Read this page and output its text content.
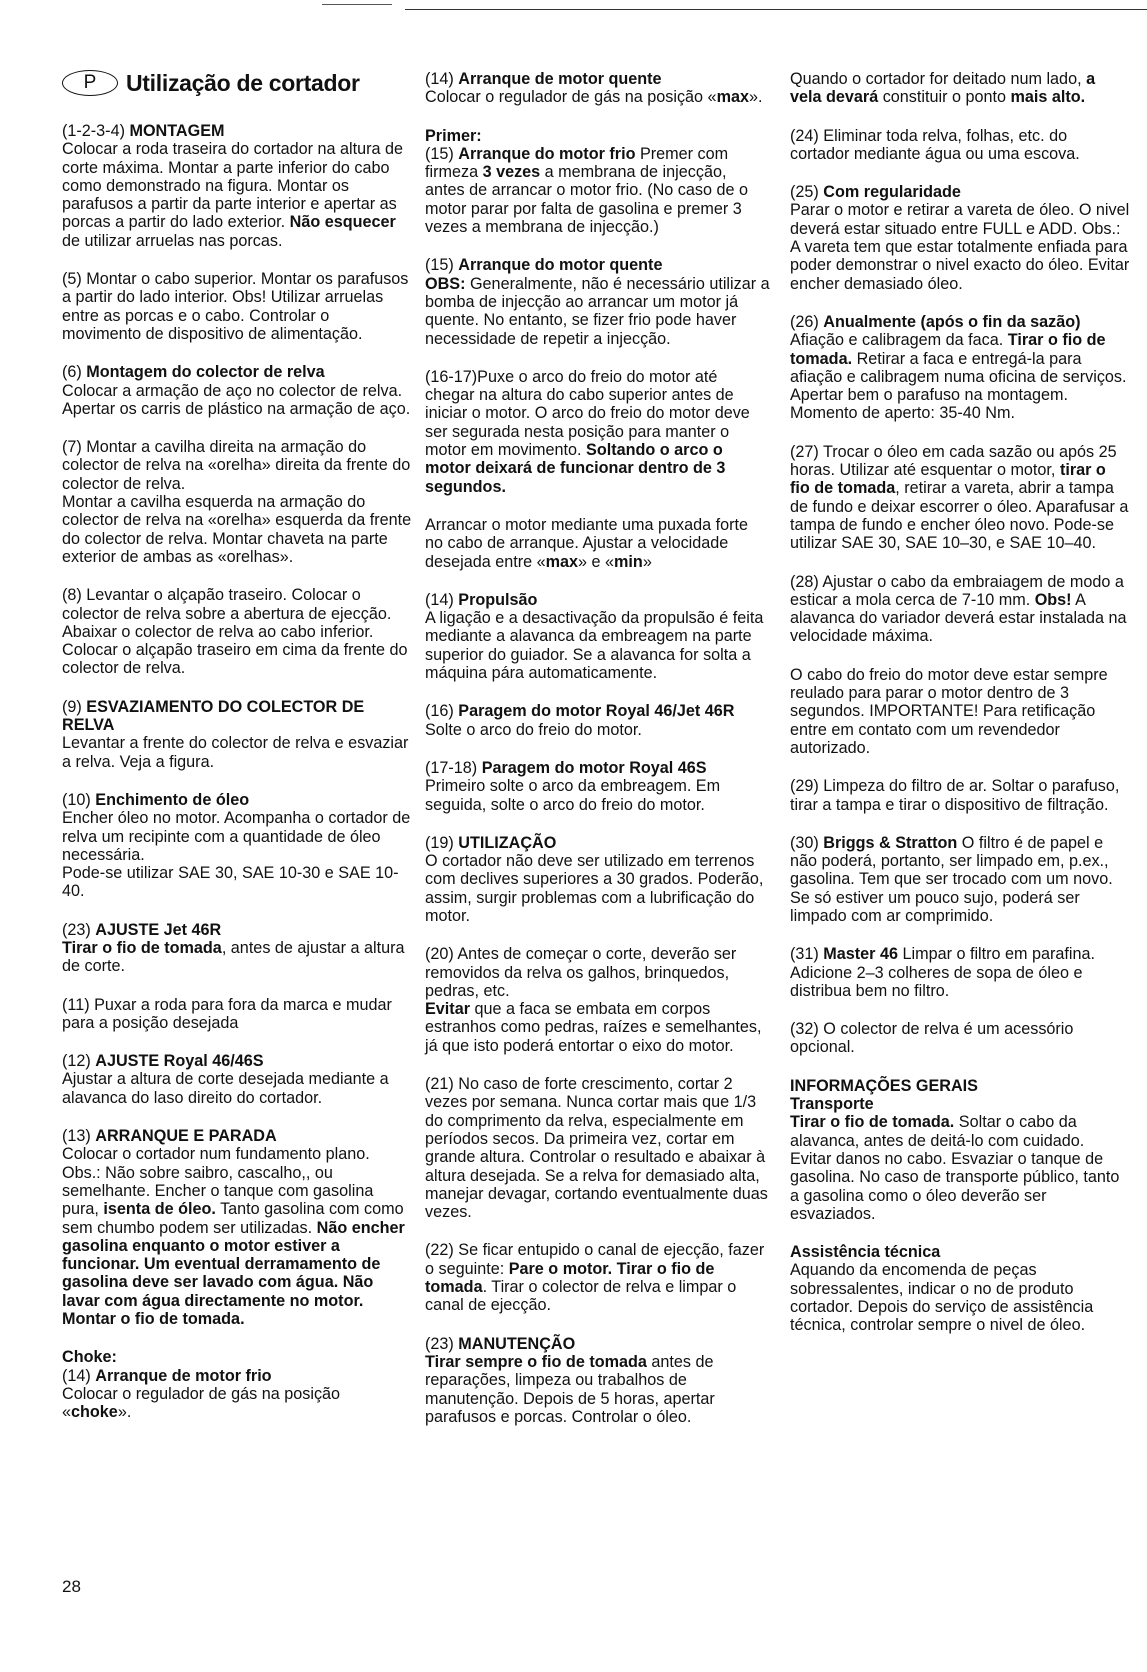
P	Utilização de cortador

(1-2-3-4) MONTAGEM

Colocar a roda traseira do cortador na altura de corte máxima. Montar a parte inferior do cabo como demonstrado na figura. Montar os parafusos a partir da parte interior e apertar as porcas a partir do lado exterior. Não esquecer de utilizar arruelas nas porcas.

(5) Montar o cabo superior. Montar os parafusos a partir do lado interior. Obs! Utilizar arruelas entre as porcas e o cabo. Controlar o movimento de dispositivo de alimentação.

(6) Montagem do colector de relva

Colocar a armação de aço no colector de relva.
Apertar os carris de plástico na armação de aço.

(7) Montar a cavilha direita na armação do colector de relva na «orelha» direita da frente do colector de relva.
Montar a cavilha esquerda na armação do colector de relva na «orelha» esquerda da frente do colector de relva. Montar chaveta na parte exterior de ambas as «orelhas».

(8) Levantar o alçapão traseiro. Colocar o colector de relva sobre a abertura de ejecção. Abaixar o colector de relva ao cabo inferior. Colocar o alçapão traseiro em cima da frente do colector de relva.

(9) ESVAZIAMENTO DO COLECTOR DE RELVA

Levantar a frente do colector de relva e esvaziar a relva. Veja a figura.

(10) Enchimento de óleo

Encher óleo no motor. Acompanha o cortador de relva um recipinte com a quantidade de óleo necessária.
Pode-se utilizar SAE 30, SAE 10-30 e SAE 10-40.

(23) AJUSTE Jet 46R

Tirar o fio de tomada, antes de ajustar a altura de corte.

(11) Puxar a roda para fora da marca e mudar para a posição desejada

(12) AJUSTE Royal 46/46S

Ajustar a altura de corte desejada mediante a alavanca do laso direito do cortador.

(13) ARRANQUE E PARADA

Colocar o cortador num fundamento plano. Obs.: Não sobre saibro, cascalho,, ou semelhante. Encher o tanque com gasolina pura, isenta de óleo. Tanto gasolina com como sem chumbo podem ser utilizadas. Não encher gasolina enquanto o motor estiver a funcionar. Um eventual derramamento de gasolina deve ser lavado com água. Não lavar com água directamente no motor.
Montar o fio de tomada.

Choke:

(14) Arranque de motor frio
Colocar o regulador de gás na posição «choke».

(14) Arranque de motor quente

Colocar o regulador de gás na posição «max».

Primer:

(15) Arranque do motor frio Premer com firmeza 3 vezes a membrana de injecção, antes de arrancar o motor frio. (No caso de o motor parar por falta de gasolina e premer 3 vezes a membrana de injecção.)

(15) Arranque do motor quente

OBS: Generalmente, não é necessário utilizar a bomba de injecção ao arrancar um motor já quente. No entanto, se fizer frio pode haver necessidade de repetir a injecção.

(16-17)Puxe o arco do freio do motor até chegar na altura do cabo superior antes de iniciar o motor. O arco do freio do motor deve ser segurada nesta posição para manter o motor em movimento. Soltando o arco o motor deixará de funcionar dentro de 3 segundos.

Arrancar o motor mediante uma puxada forte no cabo de arranque. Ajustar a velocidade desejada entre «max» e «min»

(14) Propulsão

A ligação e a desactivação da propulsão é feita mediante a alavanca da embreagem na parte superior do guiador. Se a alavanca for solta a máquina pára automaticamente.

(16) Paragem do motor Royal 46/Jet 46R

Solte o arco do freio do motor.

(17-18) Paragem do motor Royal 46S

Primeiro solte o arco da embreagem. Em seguida, solte o arco do freio do motor.

(19) UTILIZAÇÃO

O cortador não deve ser utilizado em terrenos com declives superiores a 30 grados. Poderão, assim, surgir problemas com a lubrificação do motor.

(20) Antes de começar o corte, deverão ser removidos da relva os galhos, brinquedos, pedras, etc.
Evitar que a faca se embata em corpos estranhos como pedras, raízes e semelhantes, já que isto poderá entortar o eixo do motor.

(21) No caso de forte crescimento, cortar 2 vezes por semana. Nunca cortar mais que 1/3 do comprimento da relva, especialmente em períodos secos. Da primeira vez, cortar em grande altura. Controlar o resultado e abaixar à altura desejada. Se a relva for demasiado alta, manejar devagar, cortando eventualmente duas vezes.

(22) Se ficar entupido o canal de ejecção, fazer o seguinte: Pare o motor. Tirar o fio de tomada. Tirar o colector de relva e limpar o canal de ejecção.

(23) MANUTENÇÃO

Tirar sempre o fio de tomada antes de reparações, limpeza ou trabalhos de manutenção. Depois de 5 horas, apertar parafusos e porcas. Controlar o óleo.

Quando o cortador for deitado num lado, a vela devará constituir o ponto mais alto.

(24) Eliminar toda relva, folhas, etc. do cortador mediante água ou uma escova.

(25) Com regularidade

Parar o motor e retirar a vareta de óleo. O nivel deverá estar situado entre FULL e ADD. Obs.: A vareta tem que estar totalmente enfiada para poder demonstrar o nivel exacto do óleo. Evitar encher demasiado óleo.

(26) Anualmente (após o fin da sazão)

Afiação e calibragem da faca. Tirar o fio de tomada. Retirar a faca e entregá-la para afiação e calibragem numa oficina de serviços. Apertar bem o parafuso na montagem. Momento de aperto: 35-40 Nm.

(27) Trocar o óleo em cada sazão ou após 25 horas. Utilizar até esquentar o motor, tirar o fio de tomada, retirar a vareta, abrir a tampa de fundo e deixar escorrer o óleo. Aparafusar a tampa de fundo e encher óleo novo. Pode-se utilizar SAE 30, SAE 10–30, e SAE 10–40.

(28) Ajustar o cabo da embraiagem de modo a esticar a mola cerca de 7-10 mm. Obs! A alavanca do variador deverá estar instalada na velocidade máxima.

O cabo do freio do motor deve estar sempre reulado para parar o motor dentro de 3 segundos. IMPORTANTE! Para retificação entre em contato com um revendedor autorizado.

(29) Limpeza do filtro de ar. Soltar o parafuso, tirar a tampa e tirar o dispositivo de filtração.

(30) Briggs & Stratton O filtro é de papel e não poderá, portanto, ser limpado em, p.ex., gasolina. Tem que ser trocado com um novo. Se só estiver um pouco sujo, poderá ser limpado com ar comprimido.

(31) Master 46 Limpar o filtro em parafina. Adicione 2–3 colheres de sopa de óleo e distribua bem no filtro.

(32) O colector de relva é um acessório opcional.

INFORMAÇÕES GERAIS

Transporte
Tirar o fio de tomada. Soltar o cabo da alavanca, antes de deitá-lo com cuidado. Evitar danos no cabo. Esvaziar o tanque de gasolina. No caso de transporte público, tanto a gasolina como o óleo deverão ser esvaziados.

Assistência técnica

Aquando da encomenda de peças sobressalentes, indicar o no de produto cortador. Depois do serviço de assistência técnica, controlar sempre o nivel de óleo.

28
